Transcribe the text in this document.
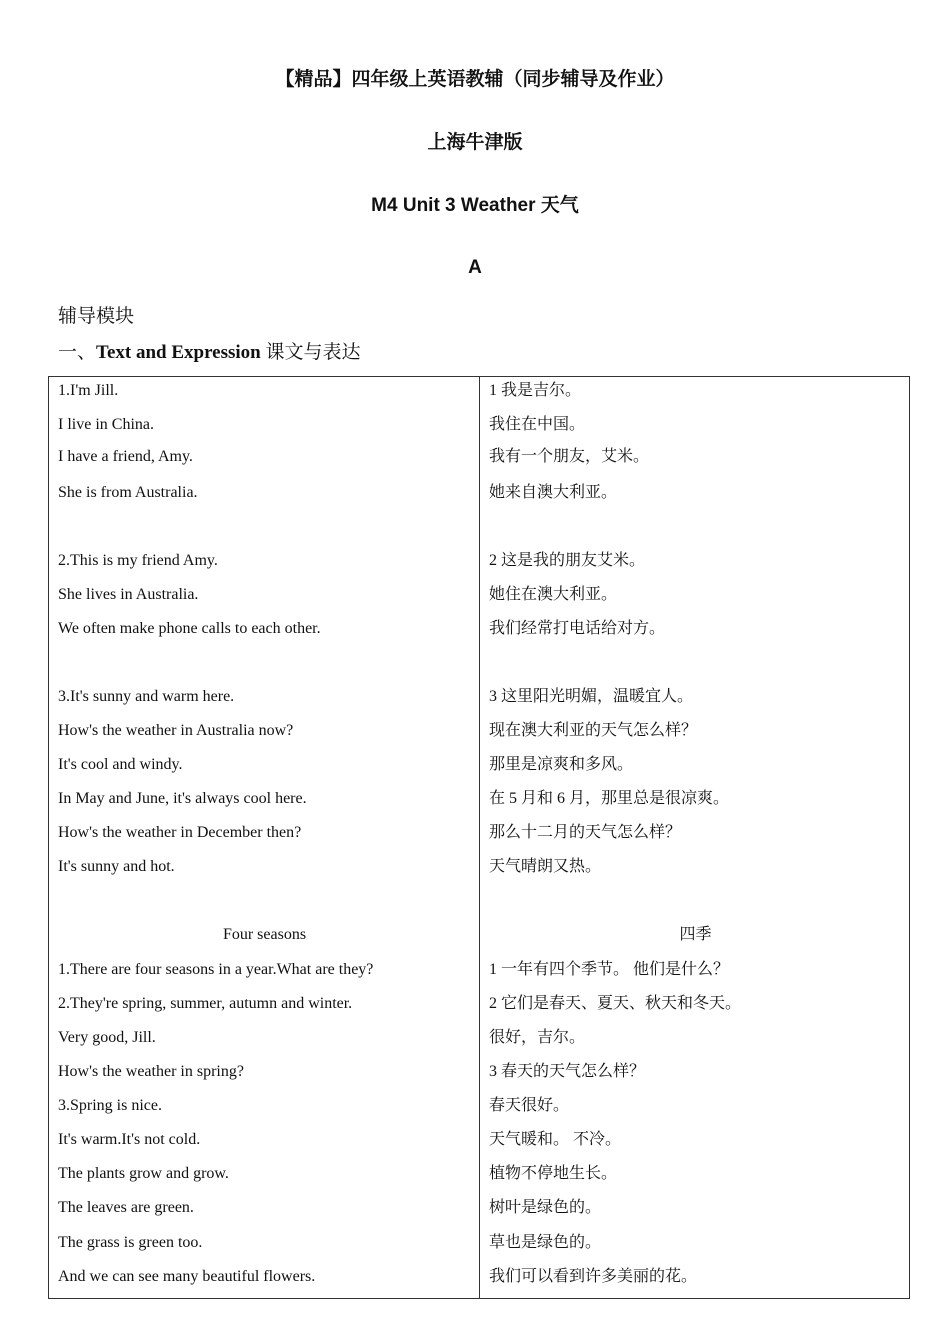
【精品】四年级上英语教辅（同步辅导及作业）
上海牛津版
M4 Unit 3 Weather 天气
A
辅导模块
一、Text and Expression 课文与表达
1.I'm Jill.
I live in China.
I have a friend, Amy.
She is from Australia.
2.This is my friend Amy.
She lives in Australia.
We often make phone calls to each other.
3.It's sunny and warm here.
How's the weather in Australia now?
It's cool and windy.
In May and June, it's always cool here.
How's the weather in December then?
It's sunny and hot.
Four seasons
1.There are four seasons in a year.What are they?
2.They're spring, summer, autumn and winter.
Very good, Jill.
How's the weather in spring?
3.Spring is nice.
It's warm.It's not cold.
The plants grow and grow.
The leaves are green.
The grass is green too.
And we can see many beautiful flowers.
1 我是吉尔。
我住在中国。
我有一个朋友，艾米。
她来自澳大利亚。
2 这是我的朋友艾米。
她住在澳大利亚。
我们经常打电话给对方。
3 这里阳光明媚，温暖宜人。
现在澳大利亚的天气怎么样？
那里是凉爽和多风。
在 5 月和 6 月，那里总是很凉爽。
那么十二月的天气怎么样？
天气晴朗又热。
四季
1 一年有四个季节。 他们是什么？
2 它们是春天、夏天、秋天和冬天。
很好，吉尔。
3 春天的天气怎么样？
春天很好。
天气暖和。 不冷。
植物不停地生长。
树叶是绿色的。
草也是绿色的。
我们可以看到许多美丽的花。
